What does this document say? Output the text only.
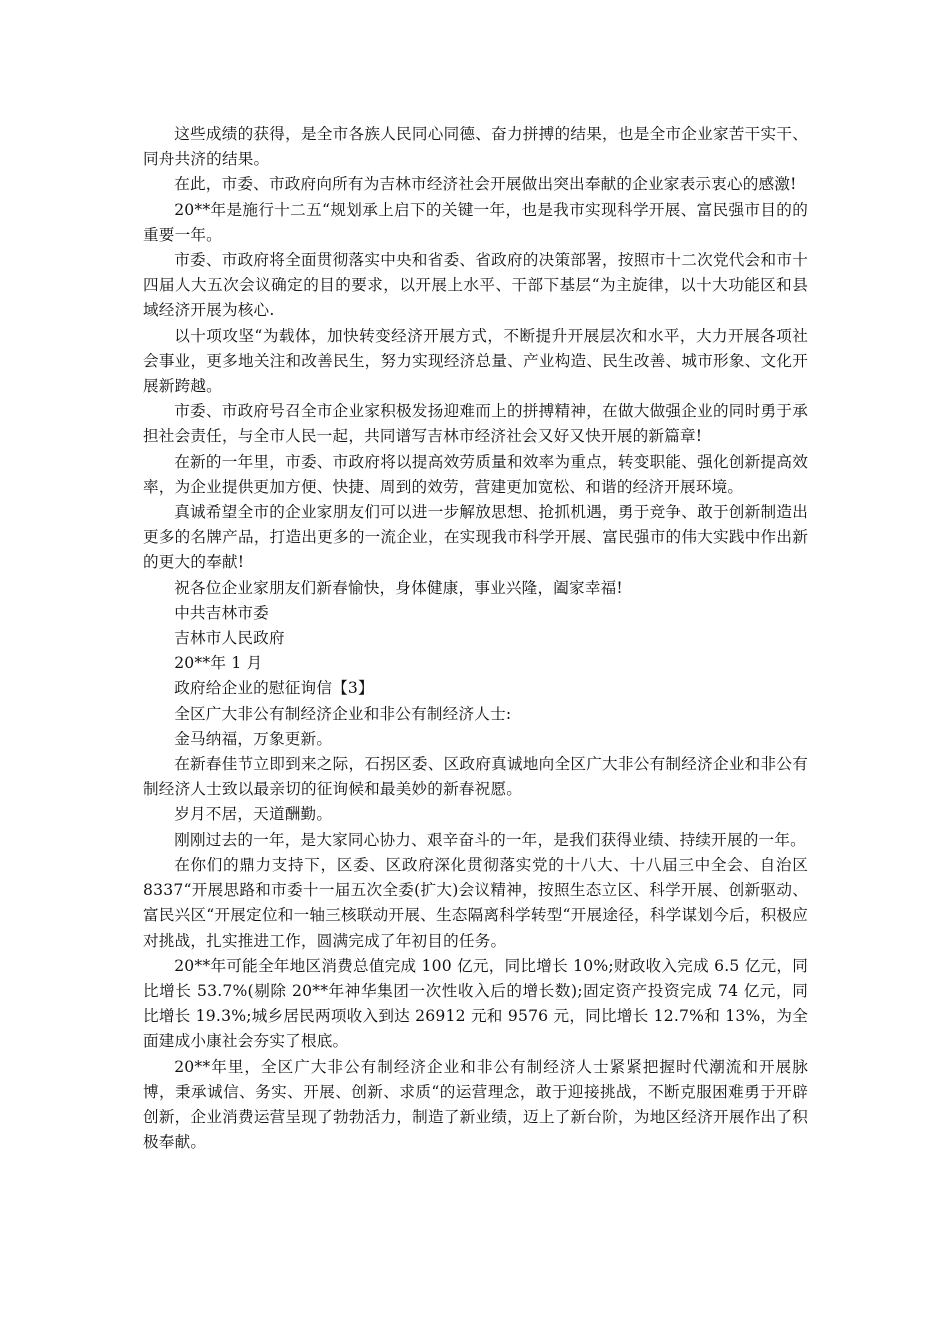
这些成绩的获得，是全市各族人民同心同德、奋力拼搏的结果，也是全市企业家苦干实干、同舟共济的结果。

在此，市委、市政府向所有为吉林市经济社会开展做出突出奉献的企业家表示衷心的感激!

20**年是施行十二五“规划承上启下的关键一年，也是我市实现科学开展、富民强市目的的重要一年。

市委、市政府将全面贯彻落实中央和省委、省政府的决策部署，按照市十二次党代会和市十四届人大五次会议确定的目的要求，以开展上水平、干部下基层“为主旋律，以十大功能区和县域经济开展为核心.

以十项攻坚“为载体，加快转变经济开展方式，不断提升开展层次和水平，大力开展各项社会事业，更多地关注和改善民生，努力实现经济总量、产业构造、民生改善、城市形象、文化开展新跨越。

市委、市政府号召全市企业家积极发扬迎难而上的拼搏精神，在做大做强企业的同时勇于承担社会责任，与全市人民一起，共同谱写吉林市经济社会又好又快开展的新篇章!

在新的一年里，市委、市政府将以提高效劳质量和效率为重点，转变职能、强化创新提高效率，为企业提供更加方便、快捷、周到的效劳，营建更加宽松、和谐的经济开展环境。

真诚希望全市的企业家朋友们可以进一步解放思想、抢抓机遇，勇于竞争、敢于创新制造出更多的名牌产品，打造出更多的一流企业，在实现我市科学开展、富民强市的伟大实践中作出新的更大的奉献!

祝各位企业家朋友们新春愉快，身体健康，事业兴隆，阖家幸福!

中共吉林市委

吉林市人民政府

20**年 1 月

政府给企业的慰征询信【3】

全区广大非公有制经济企业和非公有制经济人士:

金马纳福，万象更新。

在新春佳节立即到来之际，石拐区委、区政府真诚地向全区广大非公有制经济企业和非公有制经济人士致以最亲切的征询候和最美妙的新春祝愿。

岁月不居，天道酬勤。

刚刚过去的一年，是大家同心协力、艰辛奋斗的一年，是我们获得业绩、持续开展的一年。

在你们的鼎力支持下，区委、区政府深化贯彻落实党的十八大、十八届三中全会、自治区 8337“开展思路和市委十一届五次全委(扩大)会议精神，按照生态立区、科学开展、创新驱动、富民兴区“开展定位和一轴三核联动开展、生态隔离科学转型“开展途径，科学谋划今后，积极应对挑战，扎实推进工作，圆满完成了年初目的任务。

20**年可能全年地区消费总值完成 100 亿元，同比增长 10%;财政收入完成 6.5 亿元，同比增长 53.7%(剔除 20**年神华集团一次性收入后的增长数);固定资产投资完成 74 亿元，同比增长 19.3%;城乡居民两项收入到达 26912 元和 9576 元，同比增长 12.7%和 13%，为全面建成小康社会夯实了根底。

20**年里，全区广大非公有制经济企业和非公有制经济人士紧紧把握时代潮流和开展脉博，秉承诚信、务实、开展、创新、求质“的运营理念，敢于迎接挑战，不断克服困难勇于开辟创新，企业消费运营呈现了勃勃活力，制造了新业绩，迈上了新台阶，为地区经济开展作出了积极奉献。
